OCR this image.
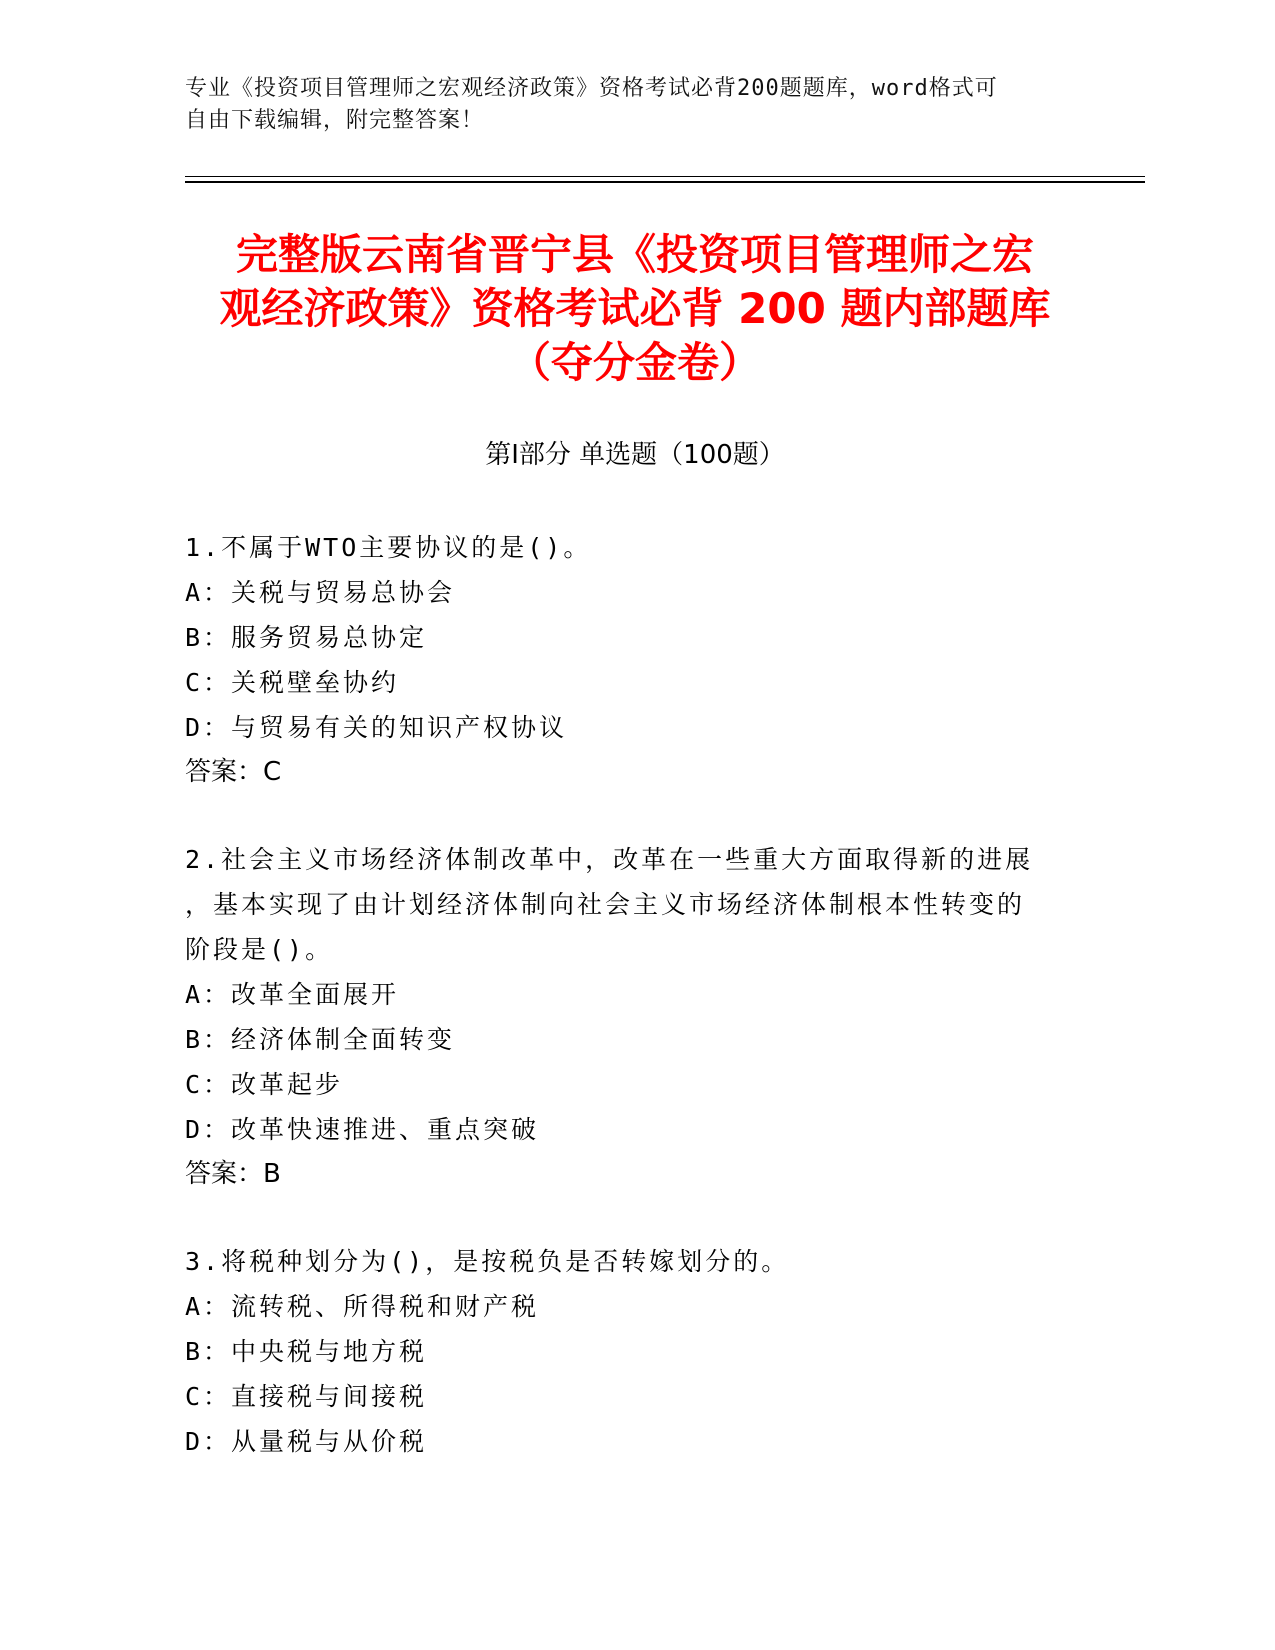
专业《投资项目管理师之宏观经济政策》资格考试必背200题题库，word格式可
自由下载编辑，附完整答案！
完整版云南省晋宁县《投资项目管理师之宏
观经济政策》资格考试必背 200 题内部题库
（夺分金卷）
第Ⅰ部分 单选题（100题）

1.不属于WTO主要协议的是()。

A：关税与贸易总协会

B：服务贸易总协定

C：关税壁垒协约

D：与贸易有关的知识产权协议

答案：C

2.社会主义市场经济体制改革中，改革在一些重大方面取得新的进展

，基本实现了由计划经济体制向社会主义市场经济体制根本性转变的

阶段是()。

A：改革全面展开

B：经济体制全面转变

C：改革起步

D：改革快速推进、重点突破

答案：B

3.将税种划分为()，是按税负是否转嫁划分的。

A：流转税、所得税和财产税

B：中央税与地方税

C：直接税与间接税

D：从量税与从价税
